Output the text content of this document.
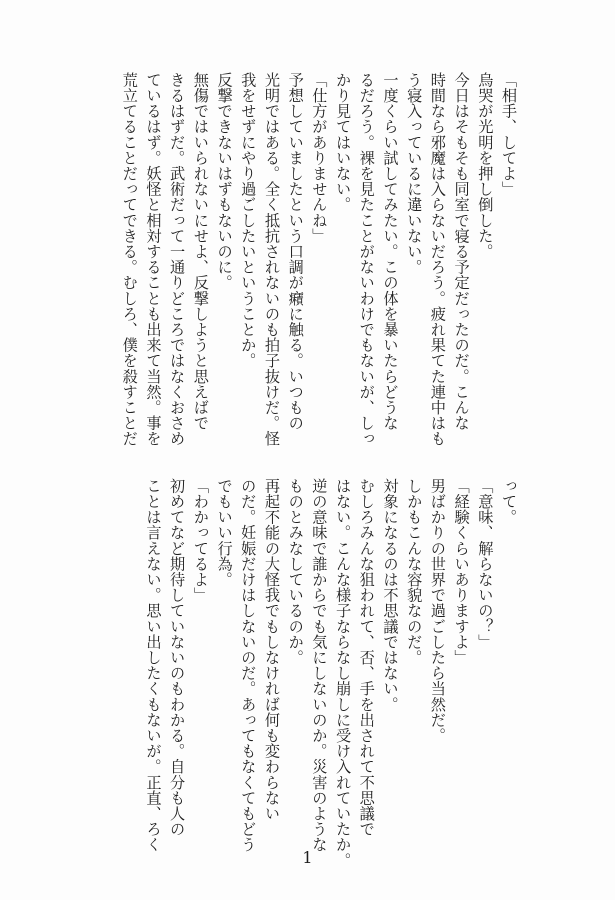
「相手、してよ」

烏哭が光明を押し倒した。

今日はそもそも同室で寝る予定だったのだ。こんな

時間なら邪魔は入らないだろう。疲れ果てた連中はも

う寝入っているに違いない。

一度くらい試してみたい。この体を暴いたらどうな

るだろう。裸を見たことがないわけでもないが、しっ

かり見てはいない。

「仕方がありませんね」

予想していましたという口調が癪に触る。いつもの

光明ではある。全く抵抗されないのも拍子抜けだ。怪

我をせずにやり過ごしたいということか。

反撃できないはずもないのに。

無傷ではいられないにせよ、反撃しようと思えばで

きるはずだ。武術だって一通りどころではなくおさめ

ているはず。妖怪と相対することも出来て当然。事を

荒立てることだってできる。むしろ、僕を殺すことだ

って。

「意味、解らないの？」

「経験くらいありますよ」

男ばかりの世界で過ごしたら当然だ。

しかもこんな容貌なのだ。

対象になるのは不思議ではない。

むしろみんな狙われて、否、手を出されて不思議で

はない。こんな様子ならなし崩しに受け入れていたか。

逆の意味で誰からでも気にしないのか。災害のような

ものとみなしているのか。

再起不能の大怪我でもしなければ何も変わらない

のだ。妊娠だけはしないのだ。あってもなくてもどう

でもいい行為。

「わかってるよ」

初めてなど期待していないのもわかる。自分も人の

ことは言えない。思い出したくもないが。正直、ろく

1
